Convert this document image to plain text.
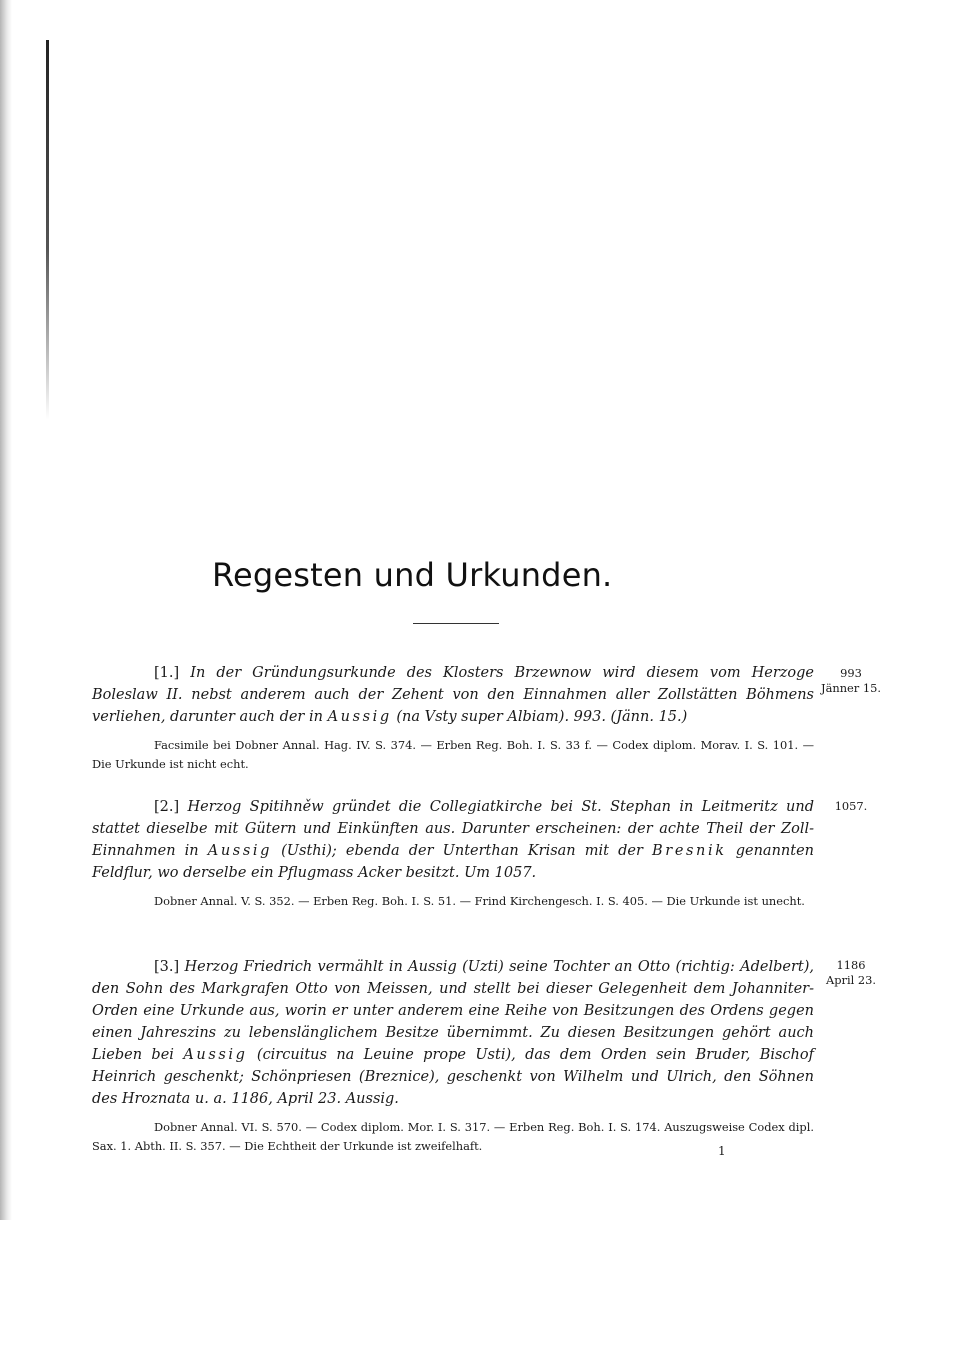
Regesten und Urkunden.

[1.] In der Gründungsurkunde des Klosters Brzewnow wird diesem vom Herzoge Boleslaw II. nebst anderem auch der Zehent von den Einnahmen aller Zollstätten Böhmens verliehen, darunter auch der in Aussig (na Vsty super Albiam). 993. (Jänn. 15.)

Facsimile bei Dobner Annal. Hag. IV. S. 374. — Erben Reg. Boh. I. S. 33 f. — Codex diplom. Morav. I. S. 101. — Die Urkunde ist nicht echt.

993
Jänner 15.

[2.] Herzog Spitihněw gründet die Collegiatkirche bei St. Stephan in Leitmeritz und stattet dieselbe mit Gütern und Einkünften aus. Darunter erscheinen: der achte Theil der Zoll-Einnahmen in Aussig (Usthi); ebenda der Unterthan Krisan mit der Bresnik genannten Feldflur, wo derselbe ein Pflugmass Acker besitzt. Um 1057.

Dobner Annal. V. S. 352. — Erben Reg. Boh. I. S. 51. — Frind Kirchengesch. I. S. 405. — Die Urkunde ist unecht.

1057.

[3.] Herzog Friedrich vermählt in Aussig (Uzti) seine Tochter an Otto (richtig: Adelbert), den Sohn des Markgrafen Otto von Meissen, und stellt bei dieser Gelegenheit dem Johanniter-Orden eine Urkunde aus, worin er unter anderem eine Reihe von Besitzungen des Ordens gegen einen Jahreszins zu lebenslänglichem Besitze übernimmt. Zu diesen Besitzungen gehört auch Lieben bei Aussig (circuitus na Leuine prope Usti), das dem Orden sein Bruder, Bischof Heinrich geschenkt; Schönpriesen (Breznice), geschenkt von Wilhelm und Ulrich, den Söhnen des Hroznata u. a. 1186, April 23. Aussig.

Dobner Annal. VI. S. 570. — Codex diplom. Mor. I. S. 317. — Erben Reg. Boh. I. S. 174. Auszugsweise Codex dipl. Sax. 1. Abth. II. S. 357. — Die Echtheit der Urkunde ist zweifelhaft.

1186
April 23.
1
